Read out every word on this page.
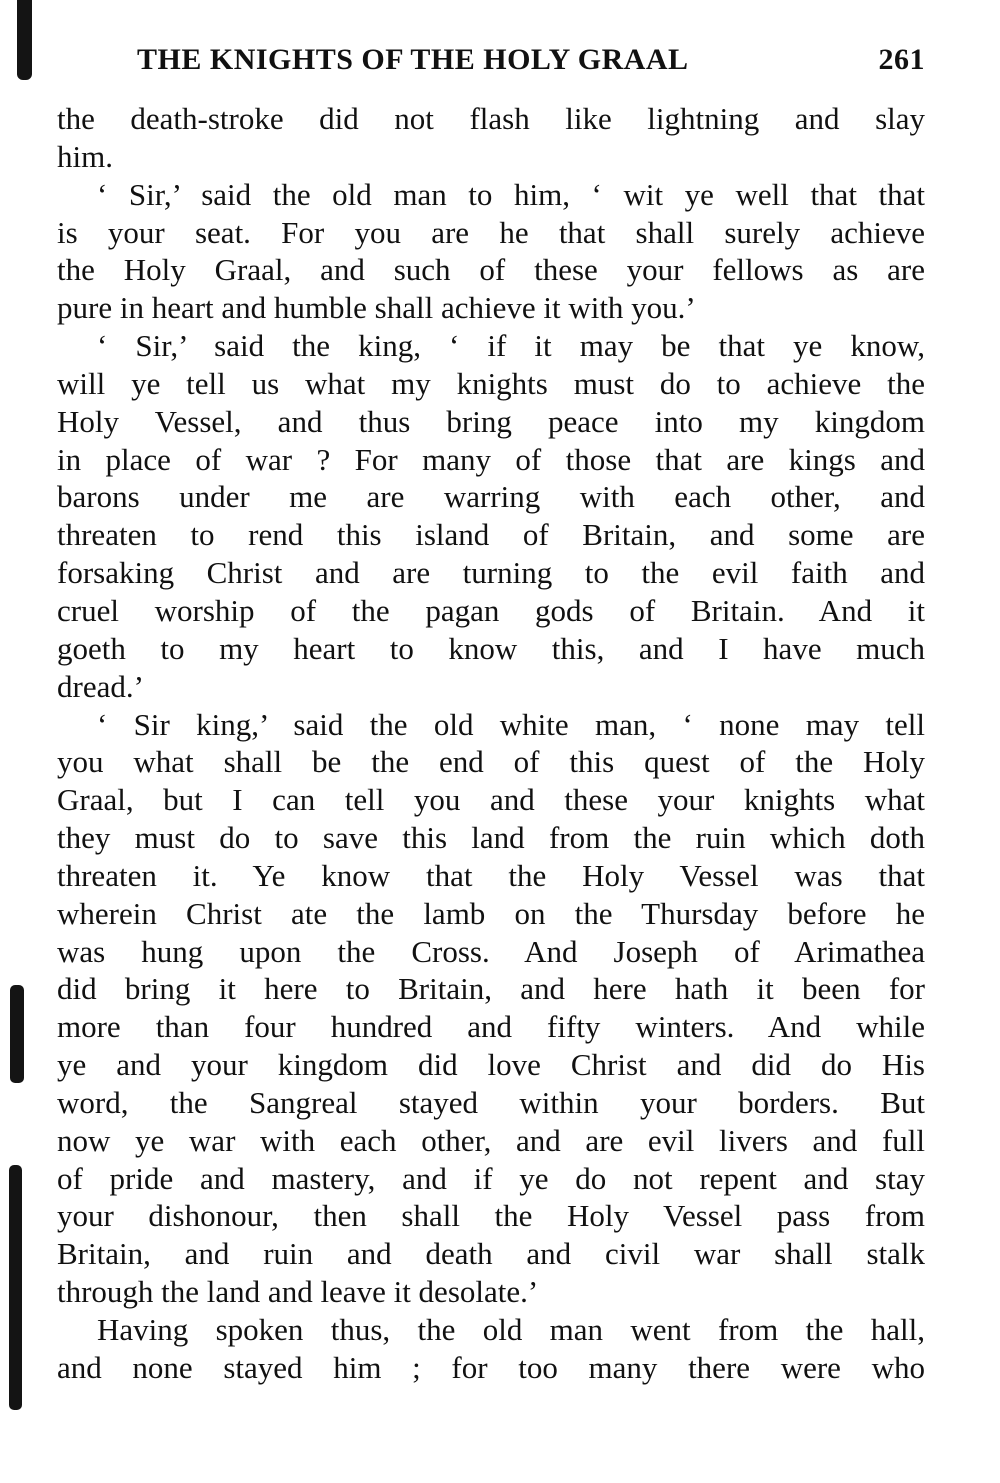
THE KNIGHTS OF THE HOLY GRAAL	261
the death-stroke did not flash like lightning and slay
him.
‘ Sir,’ said the old man to him, ‘ wit ye well that that
is your seat. For you are he that shall surely achieve
the Holy Graal, and such of these your fellows as are
pure in heart and humble shall achieve it with you.’
‘ Sir,’ said the king, ‘ if it may be that ye know,
will ye tell us what my knights must do to achieve the
Holy Vessel, and thus bring peace into my kingdom
in place of war ? For many of those that are kings and
barons under me are warring with each other, and
threaten to rend this island of Britain, and some are
forsaking Christ and are turning to the evil faith and
cruel worship of the pagan gods of Britain. And it
goeth to my heart to know this, and I have much
dread.’
‘ Sir king,’ said the old white man, ‘ none may tell
you what shall be the end of this quest of the Holy
Graal, but I can tell you and these your knights what
they must do to save this land from the ruin which doth
threaten it. Ye know that the Holy Vessel was that
wherein Christ ate the lamb on the Thursday before he
was hung upon the Cross. And Joseph of Arimathea
did bring it here to Britain, and here hath it been for
more than four hundred and fifty winters. And while
ye and your kingdom did love Christ and did do His
word, the Sangreal stayed within your borders. But
now ye war with each other, and are evil livers and full
of pride and mastery, and if ye do not repent and stay
your dishonour, then shall the Holy Vessel pass from
Britain, and ruin and death and civil war shall stalk
through the land and leave it desolate.’
Having spoken thus, the old man went from the hall,
and none stayed him ; for too many there were who
